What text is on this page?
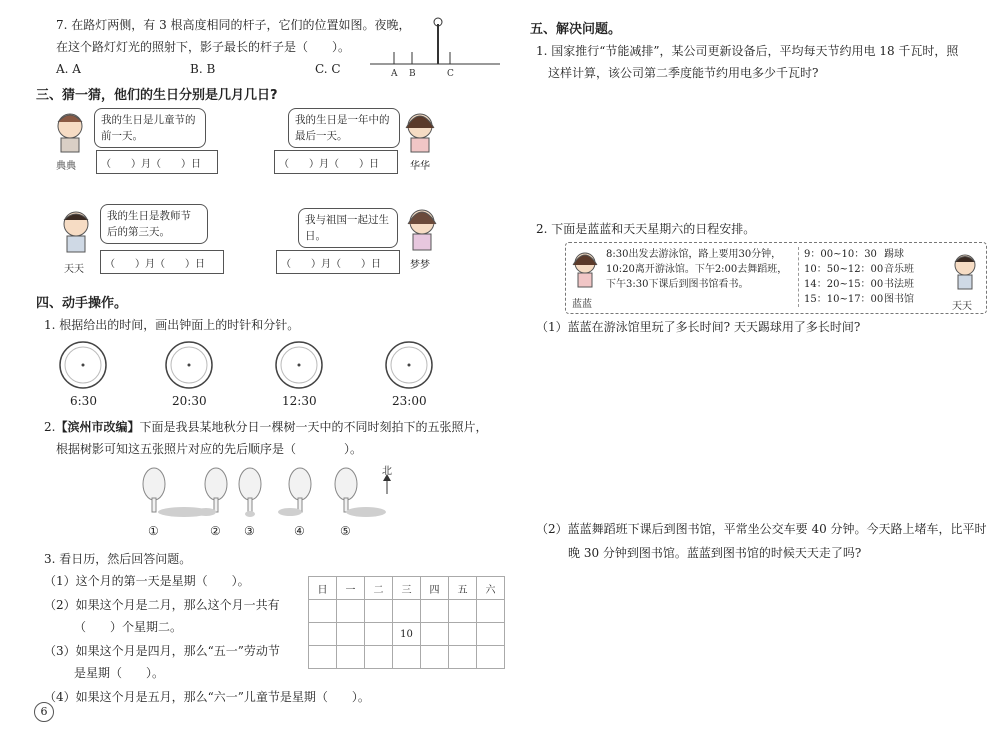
7. 在路灯两侧，有 3 根高度相同的杆子，它们的位置如图。夜晚，
在这个路灯灯光的照射下，影子最长的杆子是（　　）。
A. A	B. B	C. C	A B	C
三、猜一猜，他们的生日分别是几月几日?
典典
我的生日是儿童节的前一天。
（　　）月（　　）日
我的生日是一年中的最后一天。
华华
（　　）月（　　）日
天天
我的生日是教师节后的第三天。
（　　）月（　　）日
我与祖国一起过生日。
梦梦
（　　）月（　　）日
四、动手操作。
1. 根据给出的时间，画出钟面上的时针和分针。
6:30	20:30	12:30	23:00
2.【滨州市改编】下面是我县某地秋分日一棵树一天中的不同时刻拍下的五张照片，
根据树影可知这五张照片对应的先后顺序是（　　　　）。
北
①	② ③	④	⑤
3. 看日历，然后回答问题。
（1）这个月的第一天是星期（　　）。
（2）如果这个月是二月，那么这个月一共有
（　　）个星期二。
（3）如果这个月是四月，那么“五一”劳动节
是星期（　　）。
（4）如果这个月是五月，那么“六一”儿童节是星期（　　）。
日	一	二	三	四	五	六

			10			

6
五、解决问题。
1. 国家推行“节能减排”，某公司更新设备后，平均每天节约用电 18 千瓦时，照
这样计算，该公司第二季度能节约用电多少千瓦时?
2. 下面是蓝蓝和天天星期六的日程安排。
蓝蓝
8:30出发去游泳馆，路上要用30分钟，10:20离开游泳馆。下午2:00去舞蹈班，下午3:30下课后到图书馆看书。
9：00~10：30 踢球
10：50~12：00音乐班
14：20~15：00书法班
15：10~17：00图书馆
天天
（1）蓝蓝在游泳馆里玩了多长时间? 天天踢球用了多长时间?
（2）蓝蓝舞蹈班下课后到图书馆，平常坐公交车要 40 分钟。今天路上堵车，比平时
晚 30 分钟到图书馆。蓝蓝到图书馆的时候天天走了吗?
